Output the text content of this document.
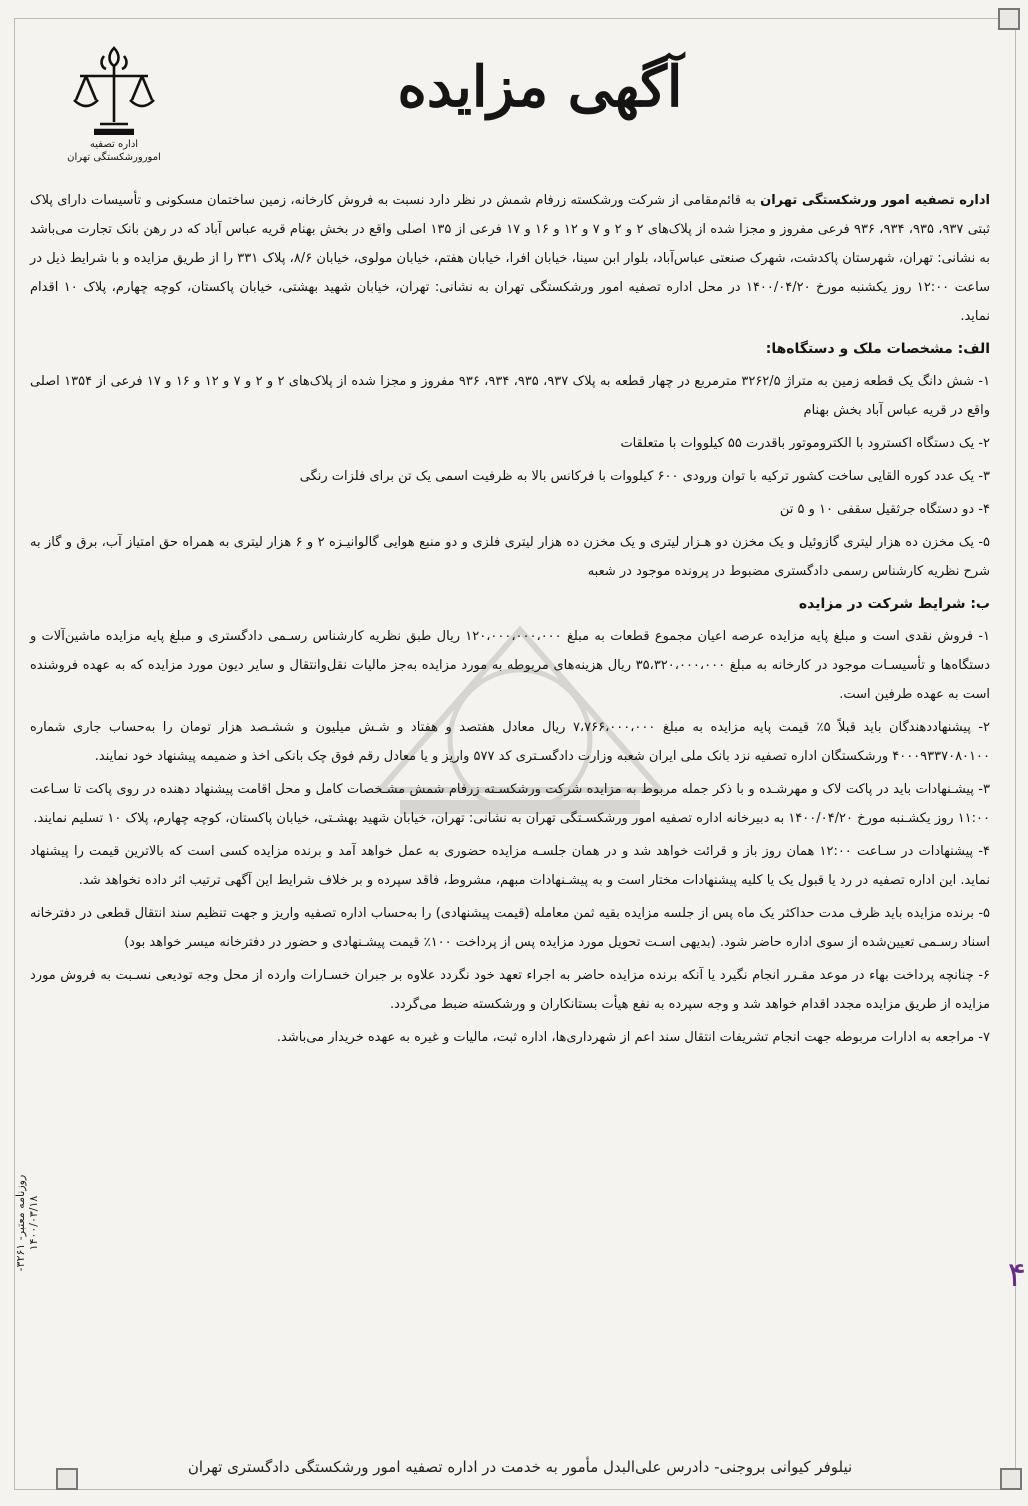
اداره تصفیه
امورورشکستگی تهران
آگهی مزایده

اداره تصفیه امور ورشکستگی تهران به قائم‌مقامی از شرکت ورشکسته زرفام شمش در نظر دارد نسبت به فروش کارخانه، زمین ساختمان مسکونی و تأسیسات دارای پلاک ثبتی ۹۳۷، ۹۳۵، ۹۳۴، ۹۳۶ فرعی مفروز و مجزا شده از پلاک‌های ۲ و ۲ و ۷ و ۱۲ و ۱۶ و ۱۷ فرعی از ۱۳۵ اصلی واقع در بخش بهنام قریه عباس آباد که در رهن بانک تجارت می‌باشد به نشانی: تهران، شهرستان پاکدشت، شهرک صنعتی عباس‌آباد، بلوار ابن سینا، خیابان افرا، خیابان هفتم، خیابان مولوی، خیابان ۸/۶، پلاک ۳۳۱ را از طریق مزایده و با شرایط ذیل در ساعت ۱۲:۰۰ روز یکشنبه مورخ ۱۴۰۰/۰۴/۲۰ در محل اداره تصفیه امور ورشکستگی تهران به نشانی: تهران، خیابان شهید بهشتی، خیابان پاکستان، کوچه چهارم، پلاک ۱۰ اقدام نماید.

الف: مشخصات ملک و دستگاه‌ها:

۱- شش دانگ یک قطعه زمین به متراژ ۳۲۶۲/۵ مترمربع در چهار قطعه به پلاک ۹۳۷، ۹۳۵، ۹۳۴، ۹۳۶ مفروز و مجزا شده از پلاک‌های ۲ و ۲ و ۷ و ۱۲ و ۱۶ و ۱۷ فرعی از ۱۳۵۴ اصلی واقع در قریه عباس آباد بخش بهنام

۲- یک دستگاه اکسترود با الکتروموتور باقدرت ۵۵ کیلووات با متعلقات

۳- یک عدد کوره القایی ساخت کشور ترکیه با توان ورودی ۶۰۰ کیلووات با فرکانس بالا به ظرفیت اسمی یک تن برای فلزات رنگی

۴- دو دستگاه جرثقیل سقفی ۱۰ و ۵ تن

۵- یک مخزن ده هزار لیتری گازوئیل و یک مخزن دو هـزار لیتری و یک مخزن ده هزار لیتری فلزی و دو منبع هوایی گالوانیـزه ۲ و ۶ هزار لیتری به همراه حق امتیاز آب، برق و گاز به شرح نظریه کارشناس رسمی دادگستری مضبوط در پرونده موجود در شعبه

ب: شرایط شرکت در مزایده

۱- فروش نقدی است و مبلغ پایه مزایده عرصه اعیان مجموع قطعات به مبلغ ۱۲۰،۰۰۰،۰۰۰،۰۰۰ ریال طبق نظریه کارشناس رسـمی دادگستری و مبلغ پایه مزایده ماشین‌آلات و دستگاه‌ها و تأسیسـات موجود در کارخانه به مبلغ ۳۵،۳۲۰،۰۰۰،۰۰۰ ریال هزینه‌های مربوطه به مورد مزایده به‌جز مالیات نقل‌وانتقال و سایر دیون مورد مزایده که به عهده فروشنده است به عهده طرفین است.

۲- پیشنهاددهندگان باید قبلاً ۵٪ قیمت پایه مزایده به مبلغ ۷،۷۶۶،۰۰۰،۰۰۰ ریال معادل هفتصد و هفتاد و شـش میلیون و ششـصد هزار تومان را به‌حساب جاری شماره ۴۰۰۰۹۳۳۷۰۸۰۱۰۰ ورشکستگان اداره تصفیه نزد بانک ملی ایران شعبه وزارت دادگسـتری کد ۵۷۷ واریز و یا معادل رقم فوق چک بانکی اخذ و ضمیمه پیشنهاد خود نمایند.

۳- پیشـنهادات باید در پاکت لاک و مهرشـده و با ذکر جمله مربوط به مزایده شرکت ورشکسـته زرفام شمش مشـخصات کامل و محل اقامت پیشنهاد دهنده در روی پاکت تا سـاعت ۱۱:۰۰ روز یکشـنبه مورخ ۱۴۰۰/۰۴/۲۰ به دبیرخانه اداره تصفیه امور ورشکسـتگی تهران به نشانی: تهران، خیابان شهید بهشـتی، خیابان پاکستان، کوچه چهارم، پلاک ۱۰ تسلیم نمایند.

۴- پیشنهادات در سـاعت ۱۲:۰۰ همان روز باز و قرائت خواهد شد و در همان جلسـه مزایده حضوری به عمل خواهد آمد و برنده مزایده کسی است که بالاترین قیمت را پیشنهاد نماید. این اداره تصفیه در رد یا قبول یک یا کلیه پیشنهادات مختار است و به پیشـنهادات مبهم، مشروط، فاقد سپرده و بر خلاف شرایط این آگهی ترتیب اثر داده نخواهد شد.

۵- برنده مزایده باید ظرف مدت حداکثر یک ماه پس از جلسه مزایده بقیه ثمن معامله (قیمت پیشنهادی) را به‌حساب اداره تصفیه واریز و جهت تنظیم سند انتقال قطعی در دفترخانه اسناد رسـمی تعیین‌شده از سوی اداره حاضر شود. (بدیهی اسـت تحویل مورد مزایده پس از پرداخت ۱۰۰٪ قیمت پیشـنهادی و حضور در دفترخانه میسر خواهد بود)

۶- چنانچه پرداخت بهاء در موعد مقـرر انجام نگیرد یا آنکه برنده مزایده حاضر به اجراء تعهد خود نگردد علاوه بر جبران خسـارات وارده از محل وجه تودیعی نسـبت به فروش مورد مزایده از طریق مزایده مجدد اقدام خواهد شد و وجه سپرده به نفع هیأت بستانکاران و ورشکسته ضبط می‌گردد.

۷- مراجعه به ادارات مربوطه جهت انجام تشریفات انتقال سند اعم از شهرداری‌ها، اداره ثبت، مالیات و غیره به عهده خریدار می‌باشد.

روزنامه معتبر- ۳۲۶۱- ۱۴۰۰/۰۳/۱۸
۴
نیلوفر کیوانی بروجنی- دادرس علی‌البدل مأمور به خدمت در اداره تصفیه امور ورشکستگی دادگستری تهران
